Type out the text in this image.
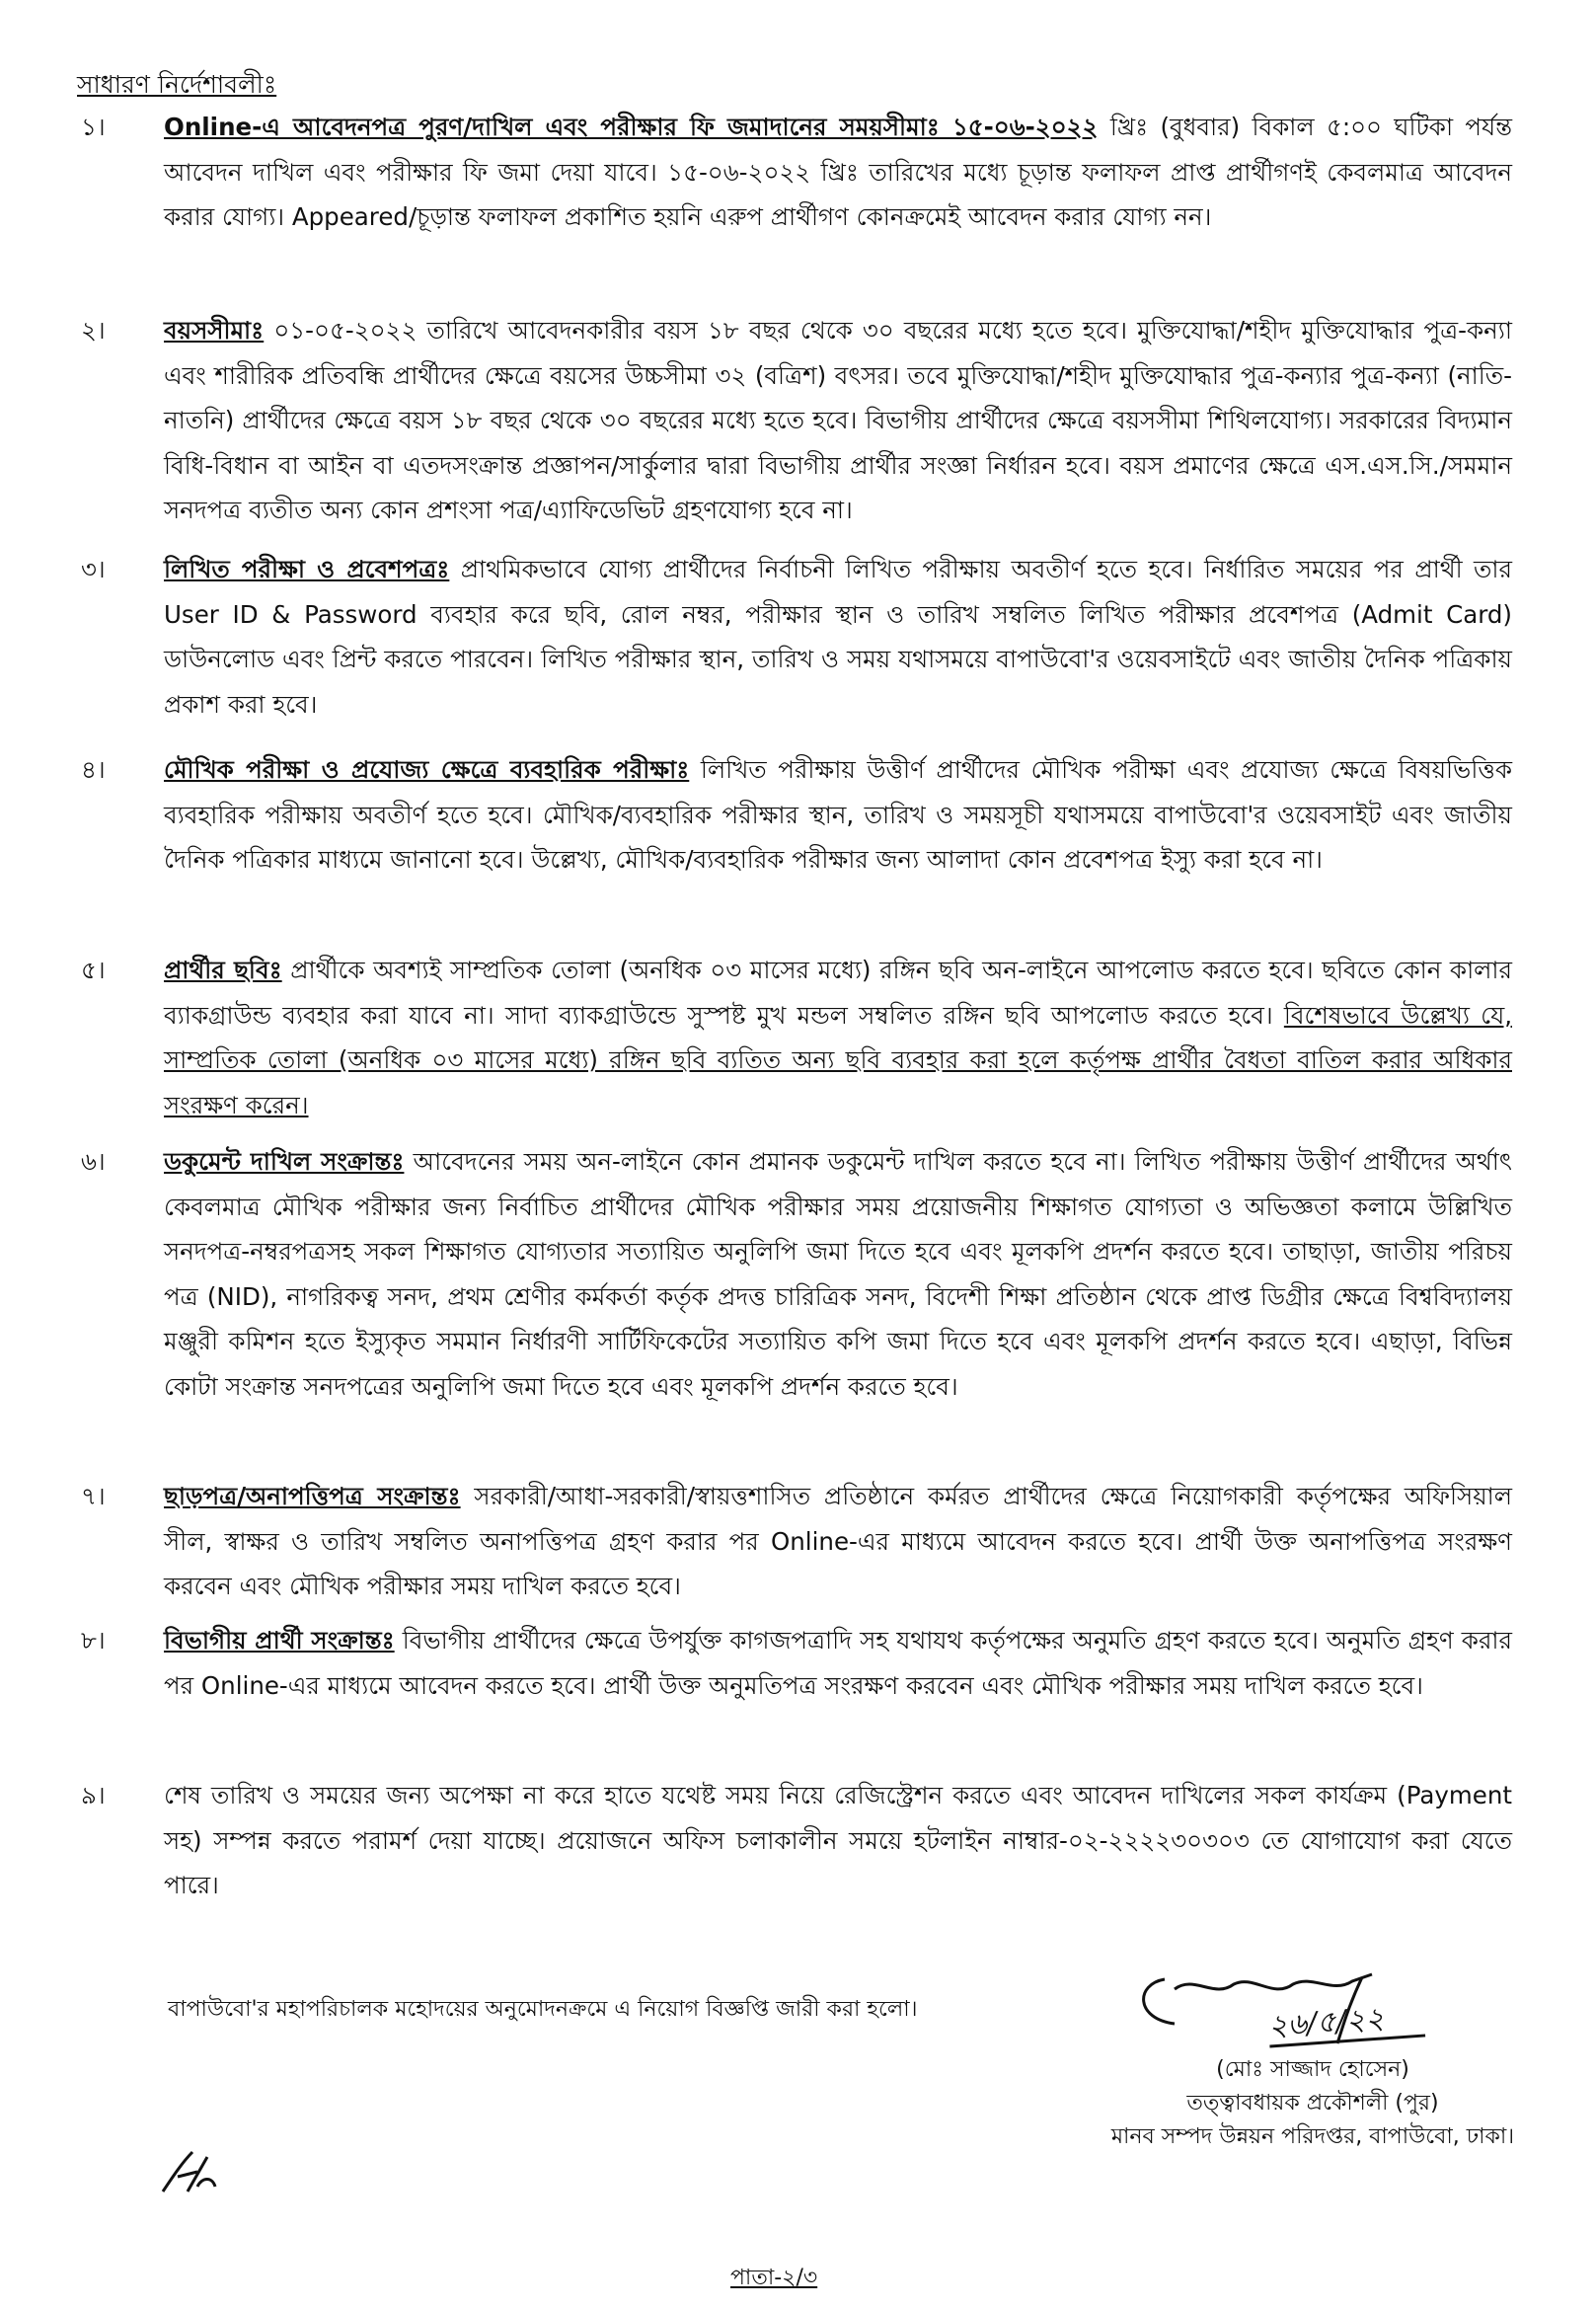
সাধারণ নির্দেশাবলীঃ
১।	Online-এ আবেদনপত্র পুরণ/দাখিল এবং পরীক্ষার ফি জমাদানের সময়সীমাঃ ১৫-০৬-২০২২ খ্রিঃ (বুধবার) বিকাল ৫:০০ ঘটিকা পর্যন্ত আবেদন দাখিল এবং পরীক্ষার ফি জমা দেয়া যাবে। ১৫-০৬-২০২২ খ্রিঃ তারিখের মধ্যে চূড়ান্ত ফলাফল প্রাপ্ত প্রার্থীগণই কেবলমাত্র আবেদন করার যোগ্য। Appeared/চূড়ান্ত ফলাফল প্রকাশিত হয়নি এরুপ প্রার্থীগণ কোনক্রমেই আবেদন করার যোগ্য নন।
২।	বয়সসীমাঃ ০১-০৫-২০২২ তারিখে আবেদনকারীর বয়স ১৮ বছর থেকে ৩০ বছরের মধ্যে হতে হবে। মুক্তিযোদ্ধা/শহীদ মুক্তিযোদ্ধার পুত্র-কন্যা এবং শারীরিক প্রতিবন্ধি প্রার্থীদের ক্ষেত্রে বয়সের উচ্চসীমা ৩২ (বত্রিশ) বৎসর। তবে মুক্তিযোদ্ধা/শহীদ মুক্তিযোদ্ধার পুত্র-কন্যার পুত্র-কন্যা (নাতি-নাতনি) প্রার্থীদের ক্ষেত্রে বয়স ১৮ বছর থেকে ৩০ বছরের মধ্যে হতে হবে। বিভাগীয় প্রার্থীদের ক্ষেত্রে বয়সসীমা শিথিলযোগ্য। সরকারের বিদ্যমান বিধি-বিধান বা আইন বা এতদসংক্রান্ত প্রজ্ঞাপন/সার্কুলার দ্বারা বিভাগীয় প্রার্থীর সংজ্ঞা নির্ধারন হবে। বয়স প্রমাণের ক্ষেত্রে এস.এস.সি./সমমান সনদপত্র ব্যতীত অন্য কোন প্রশংসা পত্র/এ্যাফিডেভিট গ্রহণযোগ্য হবে না।
৩।	লিখিত পরীক্ষা ও প্রবেশপত্রঃ প্রাথমিকভাবে যোগ্য প্রার্থীদের নির্বাচনী লিখিত পরীক্ষায় অবতীর্ণ হতে হবে। নির্ধারিত সময়ের পর প্রার্থী তার User ID & Password ব্যবহার করে ছবি, রোল নম্বর, পরীক্ষার স্থান ও তারিখ সম্বলিত লিখিত পরীক্ষার প্রবেশপত্র (Admit Card) ডাউনলোড এবং প্রিন্ট করতে পারবেন। লিখিত পরীক্ষার স্থান, তারিখ ও সময় যথাসময়ে বাপাউবো'র ওয়েবসাইটে এবং জাতীয় দৈনিক পত্রিকায় প্রকাশ করা হবে।
৪।	মৌখিক পরীক্ষা ও প্রযোজ্য ক্ষেত্রে ব্যবহারিক পরীক্ষাঃ লিখিত পরীক্ষায় উত্তীর্ণ প্রার্থীদের মৌখিক পরীক্ষা এবং প্রযোজ্য ক্ষেত্রে বিষয়ভিত্তিক ব্যবহারিক পরীক্ষায় অবতীর্ণ হতে হবে। মৌখিক/ব্যবহারিক পরীক্ষার স্থান, তারিখ ও সময়সূচী যথাসময়ে বাপাউবো'র ওয়েবসাইট এবং জাতীয় দৈনিক পত্রিকার মাধ্যমে জানানো হবে। উল্লেখ্য, মৌখিক/ব্যবহারিক পরীক্ষার জন্য আলাদা কোন প্রবেশপত্র ইস্যু করা হবে না।
৫।	প্রার্থীর ছবিঃ প্রার্থীকে অবশ্যই সাম্প্রতিক তোলা (অনধিক ০৩ মাসের মধ্যে) রঙ্গিন ছবি অন-লাইনে আপলোড করতে হবে। ছবিতে কোন কালার ব্যাকগ্রাউন্ড ব্যবহার করা যাবে না। সাদা ব্যাকগ্রাউন্ডে সুস্পষ্ট মুখ মন্ডল সম্বলিত রঙ্গিন ছবি আপলোড করতে হবে। বিশেষভাবে উল্লেখ্য যে, সাম্প্রতিক তোলা (অনধিক ০৩ মাসের মধ্যে) রঙ্গিন ছবি ব্যতিত অন্য ছবি ব্যবহার করা হলে কর্তৃপক্ষ প্রার্থীর বৈধতা বাতিল করার অধিকার সংরক্ষণ করেন।
৬।	ডকুমেন্ট দাখিল সংক্রান্তঃ আবেদনের সময় অন-লাইনে কোন প্রমানক ডকুমেন্ট দাখিল করতে হবে না। লিখিত পরীক্ষায় উত্তীর্ণ প্রার্থীদের অর্থাৎ কেবলমাত্র মৌখিক পরীক্ষার জন্য নির্বাচিত প্রার্থীদের মৌখিক পরীক্ষার সময় প্রয়োজনীয় শিক্ষাগত যোগ্যতা ও অভিজ্ঞতা কলামে উল্লিখিত সনদপত্র-নম্বরপত্রসহ সকল শিক্ষাগত যোগ্যতার সত্যায়িত অনুলিপি জমা দিতে হবে এবং মূলকপি প্রদর্শন করতে হবে। তাছাড়া, জাতীয় পরিচয় পত্র (NID), নাগরিকত্ব সনদ, প্রথম শ্রেণীর কর্মকর্তা কর্তৃক প্রদত্ত চারিত্রিক সনদ, বিদেশী শিক্ষা প্রতিষ্ঠান থেকে প্রাপ্ত ডিগ্রীর ক্ষেত্রে বিশ্ববিদ্যালয় মঞ্জুরী কমিশন হতে ইস্যুকৃত সমমান নির্ধারণী সার্টিফিকেটের সত্যায়িত কপি জমা দিতে হবে এবং মূলকপি প্রদর্শন করতে হবে। এছাড়া, বিভিন্ন কোটা সংক্রান্ত সনদপত্রের অনুলিপি জমা দিতে হবে এবং মূলকপি প্রদর্শন করতে হবে।
৭।	ছাড়পত্র/অনাপত্তিপত্র সংক্রান্তঃ সরকারী/আধা-সরকারী/স্বায়ত্তশাসিত প্রতিষ্ঠানে কর্মরত প্রার্থীদের ক্ষেত্রে নিয়োগকারী কর্তৃপক্ষের অফিসিয়াল সীল, স্বাক্ষর ও তারিখ সম্বলিত অনাপত্তিপত্র গ্রহণ করার পর Online-এর মাধ্যমে আবেদন করতে হবে। প্রার্থী উক্ত অনাপত্তিপত্র সংরক্ষণ করবেন এবং মৌখিক পরীক্ষার সময় দাখিল করতে হবে।
৮।	বিভাগীয় প্রার্থী সংক্রান্তঃ বিভাগীয় প্রার্থীদের ক্ষেত্রে উপর্যুক্ত কাগজপত্রাদি সহ যথাযথ কর্তৃপক্ষের অনুমতি গ্রহণ করতে হবে। অনুমতি গ্রহণ করার পর Online-এর মাধ্যমে আবেদন করতে হবে। প্রার্থী উক্ত অনুমতিপত্র সংরক্ষণ করবেন এবং মৌখিক পরীক্ষার সময় দাখিল করতে হবে।
৯।	শেষ তারিখ ও সময়ের জন্য অপেক্ষা না করে হাতে যথেষ্ট সময় নিয়ে রেজিস্ট্রেশন করতে এবং আবেদন দাখিলের সকল কার্যক্রম (Payment সহ) সম্পন্ন করতে পরামর্শ দেয়া যাচ্ছে। প্রয়োজনে অফিস চলাকালীন সময়ে হটলাইন নাম্বার-০২-২২২২৩০৩০৩ তে যোগাযোগ করা যেতে পারে।
বাপাউবো'র মহাপরিচালক মহোদয়ের অনুমোদনক্রমে এ নিয়োগ বিজ্ঞপ্তি জারী করা হলো।	২৬/৫/২২
(মোঃ সাজ্জাদ হোসেন)
তত্ত্বাবধায়ক প্রকৌশলী (পুর)
মানব সম্পদ উন্নয়ন পরিদপ্তর, বাপাউবো, ঢাকা।
পাতা-২/৩
